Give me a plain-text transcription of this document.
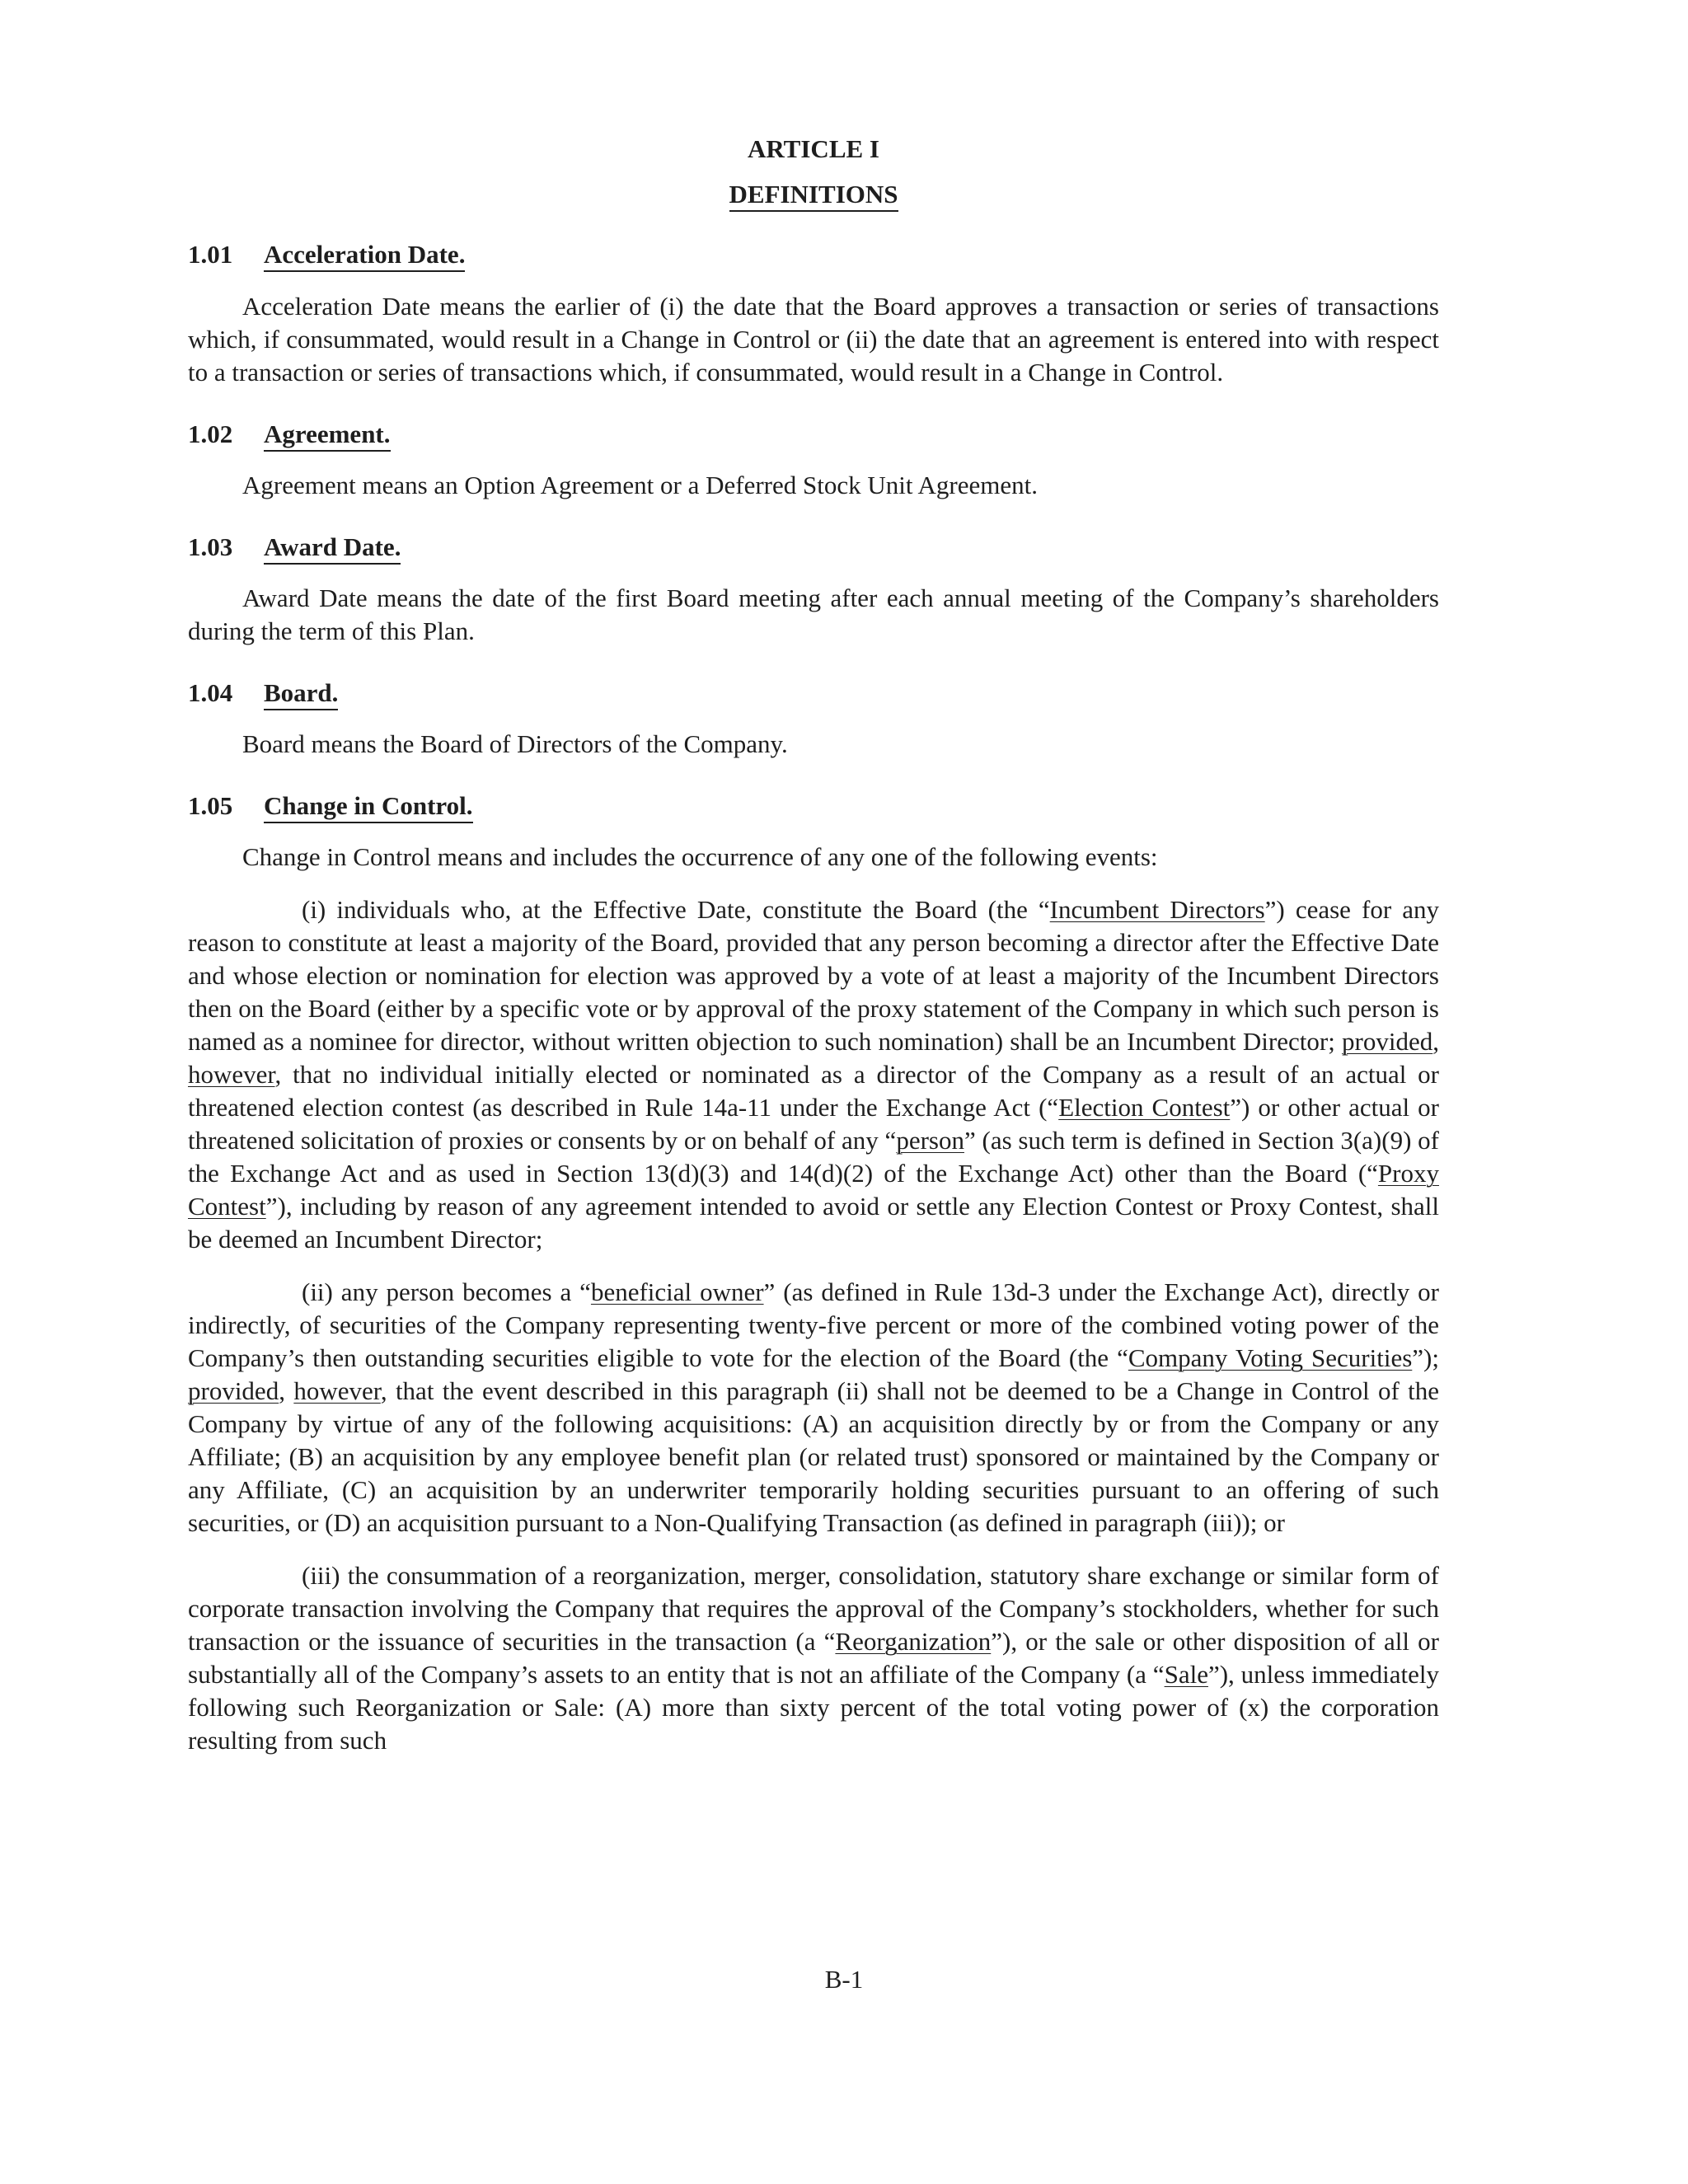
ARTICLE I
DEFINITIONS
1.01 Acceleration Date.

Acceleration Date means the earlier of (i) the date that the Board approves a transaction or series of transactions which, if consummated, would result in a Change in Control or (ii) the date that an agreement is entered into with respect to a transaction or series of transactions which, if consummated, would result in a Change in Control.

1.02 Agreement.

Agreement means an Option Agreement or a Deferred Stock Unit Agreement.

1.03 Award Date.

Award Date means the date of the first Board meeting after each annual meeting of the Company’s shareholders during the term of this Plan.

1.04 Board.

Board means the Board of Directors of the Company.

1.05 Change in Control.

Change in Control means and includes the occurrence of any one of the following events:

(i) individuals who, at the Effective Date, constitute the Board (the “Incumbent Directors”) cease for any reason to constitute at least a majority of the Board, provided that any person becoming a director after the Effective Date and whose election or nomination for election was approved by a vote of at least a majority of the Incumbent Directors then on the Board (either by a specific vote or by approval of the proxy statement of the Company in which such person is named as a nominee for director, without written objection to such nomination) shall be an Incumbent Director; provided, however, that no individual initially elected or nominated as a director of the Company as a result of an actual or threatened election contest (as described in Rule 14a-11 under the Exchange Act (“Election Contest”) or other actual or threatened solicitation of proxies or consents by or on behalf of any “person” (as such term is defined in Section 3(a)(9) of the Exchange Act and as used in Section 13(d)(3) and 14(d)(2) of the Exchange Act) other than the Board (“Proxy Contest”), including by reason of any agreement intended to avoid or settle any Election Contest or Proxy Contest, shall be deemed an Incumbent Director;

(ii) any person becomes a “beneficial owner” (as defined in Rule 13d-3 under the Exchange Act), directly or indirectly, of securities of the Company representing twenty-five percent or more of the combined voting power of the Company’s then outstanding securities eligible to vote for the election of the Board (the “Company Voting Securities”); provided, however, that the event described in this paragraph (ii) shall not be deemed to be a Change in Control of the Company by virtue of any of the following acquisitions: (A) an acquisition directly by or from the Company or any Affiliate; (B) an acquisition by any employee benefit plan (or related trust) sponsored or maintained by the Company or any Affiliate, (C) an acquisition by an underwriter temporarily holding securities pursuant to an offering of such securities, or (D) an acquisition pursuant to a Non-Qualifying Transaction (as defined in paragraph (iii)); or

(iii) the consummation of a reorganization, merger, consolidation, statutory share exchange or similar form of corporate transaction involving the Company that requires the approval of the Company’s stockholders, whether for such transaction or the issuance of securities in the transaction (a “Reorganization”), or the sale or other disposition of all or substantially all of the Company’s assets to an entity that is not an affiliate of the Company (a “Sale”), unless immediately following such Reorganization or Sale: (A) more than sixty percent of the total voting power of (x) the corporation resulting from such

B-1
